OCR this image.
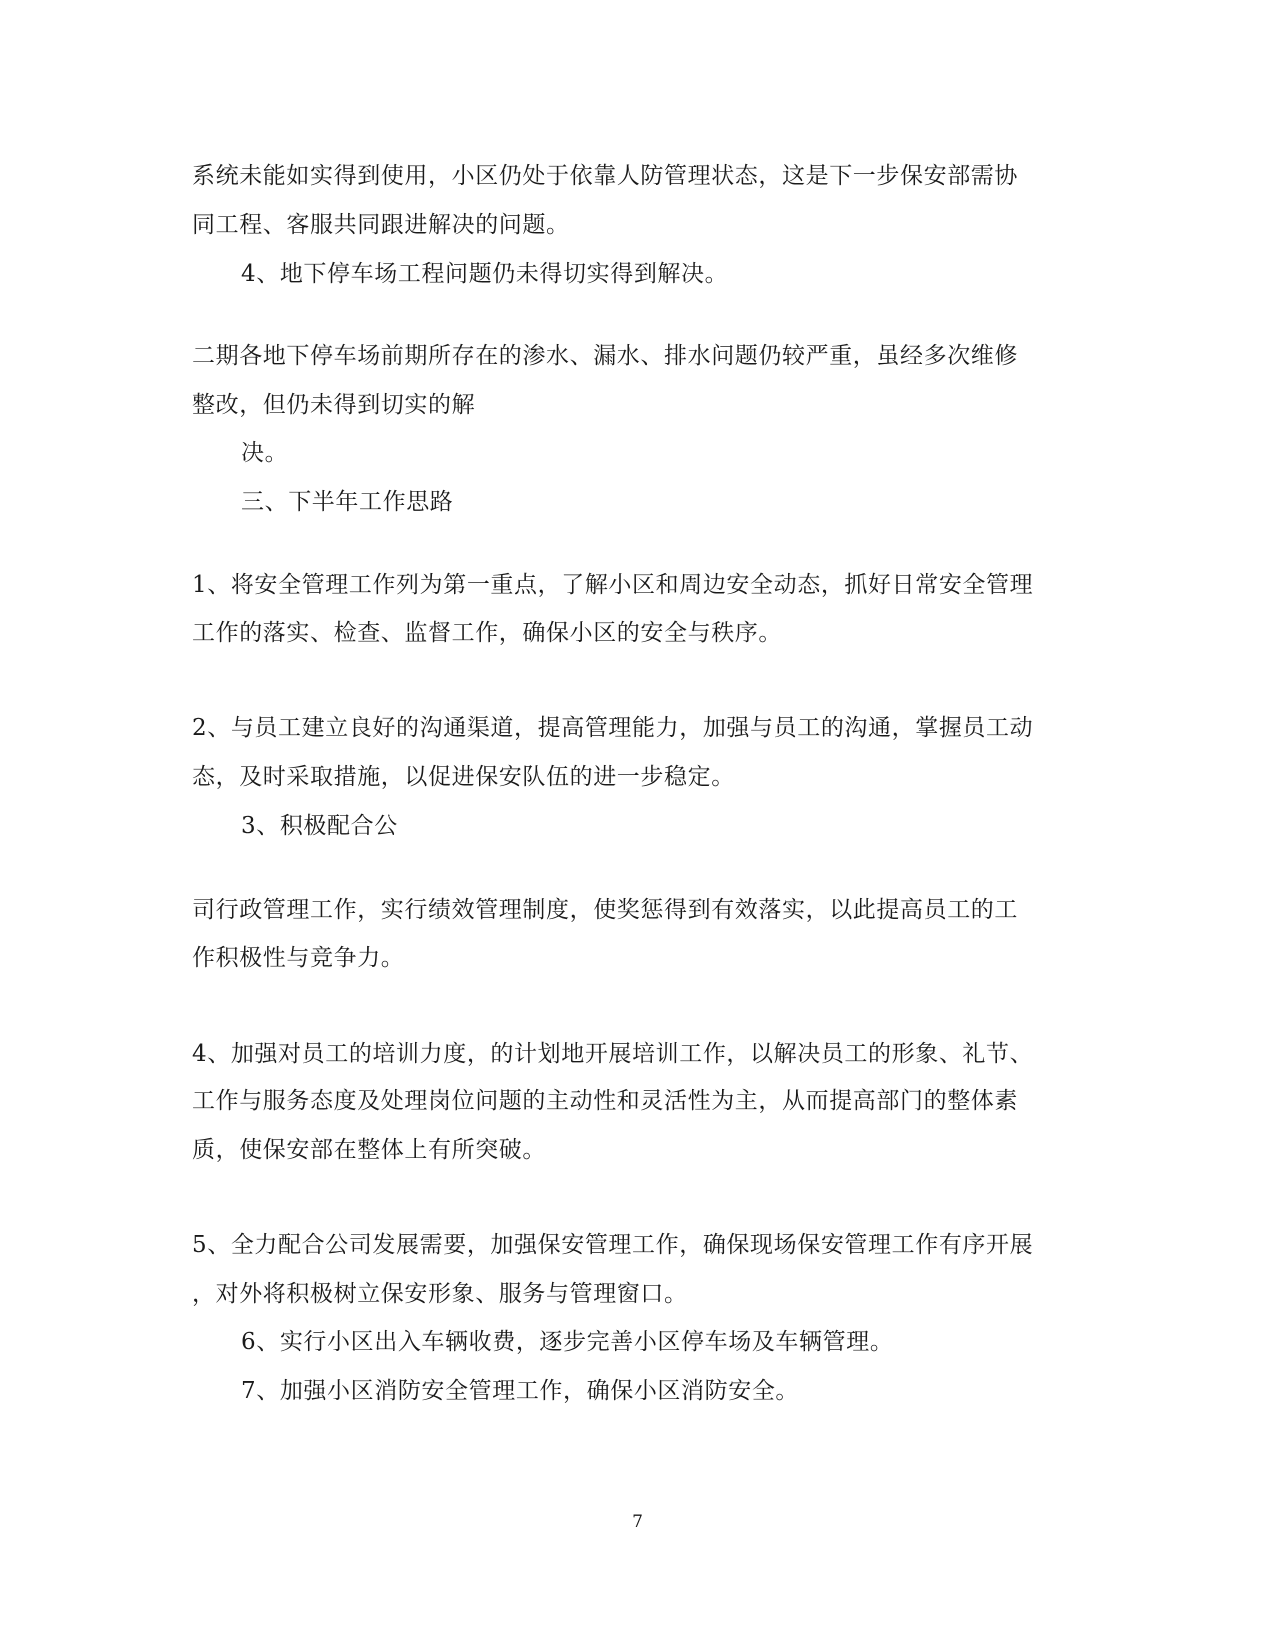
系统未能如实得到使用，小区仍处于依靠人防管理状态，这是下一步保安部需协
同工程、客服共同跟进解决的问题。
4、地下停车场工程问题仍未得切实得到解决。
二期各地下停车场前期所存在的渗水、漏水、排水问题仍较严重，虽经多次维修
整改，但仍未得到切实的解
决。
三、下半年工作思路
1、将安全管理工作列为第一重点，了解小区和周边安全动态，抓好日常安全管理
工作的落实、检查、监督工作，确保小区的安全与秩序。
2、与员工建立良好的沟通渠道，提高管理能力，加强与员工的沟通，掌握员工动
态，及时采取措施，以促进保安队伍的进一步稳定。
3、积极配合公
司行政管理工作，实行绩效管理制度，使奖惩得到有效落实，以此提高员工的工
作积极性与竞争力。
4、加强对员工的培训力度，的计划地开展培训工作，以解决员工的形象、礼节、
工作与服务态度及处理岗位问题的主动性和灵活性为主，从而提高部门的整体素
质，使保安部在整体上有所突破。
5、全力配合公司发展需要，加强保安管理工作，确保现场保安管理工作有序开展
，对外将积极树立保安形象、服务与管理窗口。
6、实行小区出入车辆收费，逐步完善小区停车场及车辆管理。
7、加强小区消防安全管理工作，确保小区消防安全。
7
